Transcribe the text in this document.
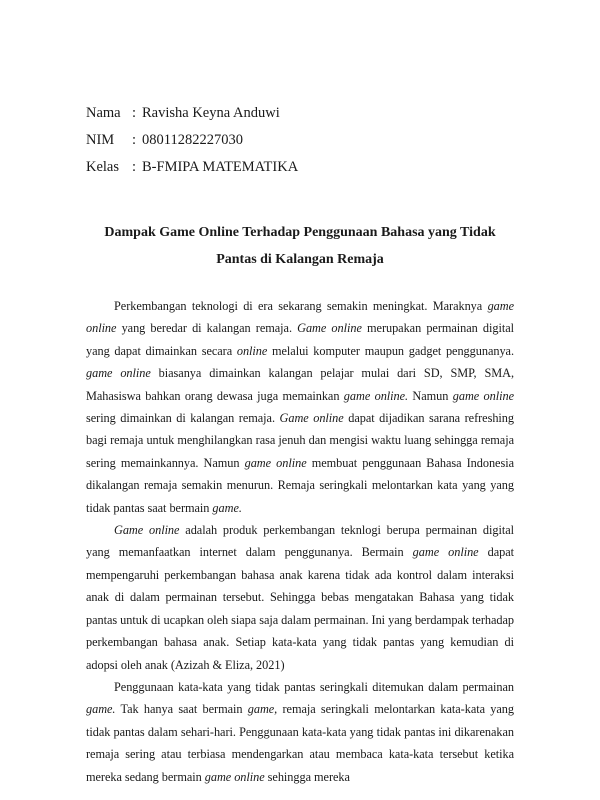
Nama : Ravisha Keyna Anduwi
NIM	: 08011282227030
Kelas : B-FMIPA MATEMATIKA
Dampak Game Online Terhadap Penggunaan Bahasa yang Tidak
Pantas di Kalangan Remaja

Perkembangan teknologi di era sekarang semakin meningkat. Maraknya game online yang beredar di kalangan remaja. Game online merupakan permainan digital yang dapat dimainkan secara online melalui komputer maupun gadget penggunanya. game online biasanya dimainkan kalangan pelajar mulai dari SD, SMP, SMA, Mahasiswa bahkan orang dewasa juga memainkan game online. Namun game online sering dimainkan di kalangan remaja. Game online dapat dijadikan sarana refreshing bagi remaja untuk menghilangkan rasa jenuh dan mengisi waktu luang sehingga remaja sering memainkannya. Namun game online membuat penggunaan Bahasa Indonesia dikalangan remaja semakin menurun. Remaja seringkali melontarkan kata yang yang tidak pantas saat bermain game.

Game online adalah produk perkembangan teknlogi berupa permainan digital yang memanfaatkan internet dalam penggunanya. Bermain game online dapat mempengaruhi perkembangan bahasa anak karena tidak ada kontrol dalam interaksi anak di dalam permainan tersebut. Sehingga bebas mengatakan Bahasa yang tidak pantas untuk di ucapkan oleh siapa saja dalam permainan. Ini yang berdampak terhadap perkembangan bahasa anak. Setiap kata-kata yang tidak pantas yang kemudian di adopsi oleh anak (Azizah & Eliza, 2021)

Penggunaan kata-kata yang tidak pantas seringkali ditemukan dalam permainan game. Tak hanya saat bermain game, remaja seringkali melontarkan kata-kata yang tidak pantas dalam sehari-hari. Penggunaan kata-kata yang tidak pantas ini dikarenakan remaja sering atau terbiasa mendengarkan atau membaca kata-kata tersebut ketika mereka sedang bermain game online sehingga mereka
